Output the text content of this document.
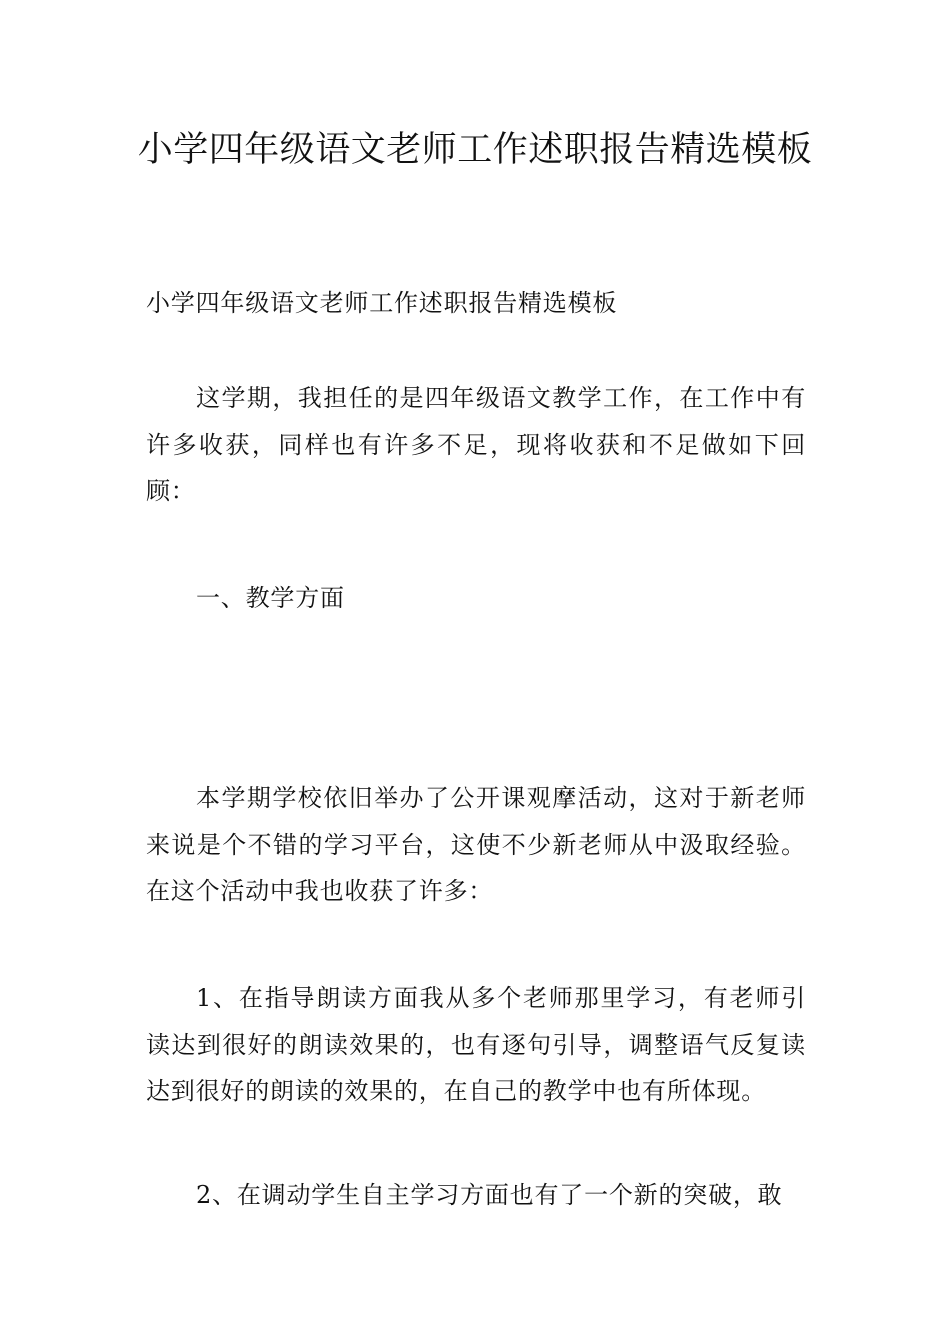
小学四年级语文老师工作述职报告精选模板

小学四年级语文老师工作述职报告精选模板

这学期，我担任的是四年级语文教学工作，在工作中有许多收获，同样也有许多不足，现将收获和不足做如下回顾：

一、教学方面

本学期学校依旧举办了公开课观摩活动，这对于新老师来说是个不错的学习平台，这使不少新老师从中汲取经验。在这个活动中我也收获了许多：

1、在指导朗读方面我从多个老师那里学习，有老师引读达到很好的朗读效果的，也有逐句引导，调整语气反复读达到很好的朗读的效果的，在自己的教学中也有所体现。

2、在调动学生自主学习方面也有了一个新的突破，敢
